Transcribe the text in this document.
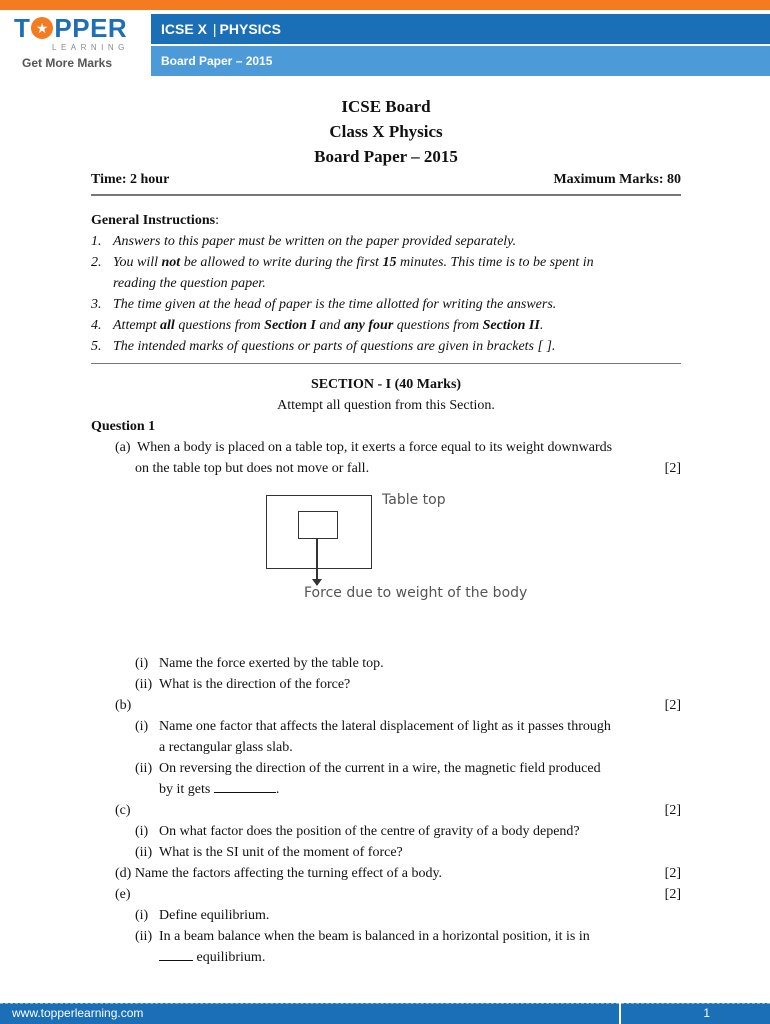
T ★ PPER
LEARNING
Get More Marks
ICSE X | PHYSICS
Board Paper – 2015
ICSE Board
Class X Physics
Board Paper – 2015
Time: 2 hour	Maximum Marks: 80
General Instructions:
1. Answers to this paper must be written on the paper provided separately.
2. You will not be allowed to write during the first 15 minutes. This time is to be spent in
reading the question paper.
3. The time given at the head of paper is the time allotted for writing the answers.
4. Attempt all questions from Section I and any four questions from Section II.
5. The intended marks of questions or parts of questions are given in brackets [ ].
SECTION - I (40 Marks)
Attempt all question from this Section.
Question 1
(a) When a body is placed on a table top, it exerts a force equal to its weight downwards
on the table top but does not move or fall.	[2]
Table top
Force due to weight of the body
(i) Name the force exerted by the table top.
(ii) What is the direction of the force?
(b)	[2]
(i) Name one factor that affects the lateral displacement of light as it passes through
a rectangular glass slab.
(ii) On reversing the direction of the current in a wire, the magnetic field produced
by it gets	.
(c)	[2]
(i) On what factor does the position of the centre of gravity of a body depend?
(ii) What is the SI unit of the moment of force?
(d) Name the factors affecting the turning effect of a body.	[2]
(e)	[2]
(i) Define equilibrium.
(ii) In a beam balance when the beam is balanced in a horizontal position, it is in
equilibrium.
www.topperlearning.com	1
